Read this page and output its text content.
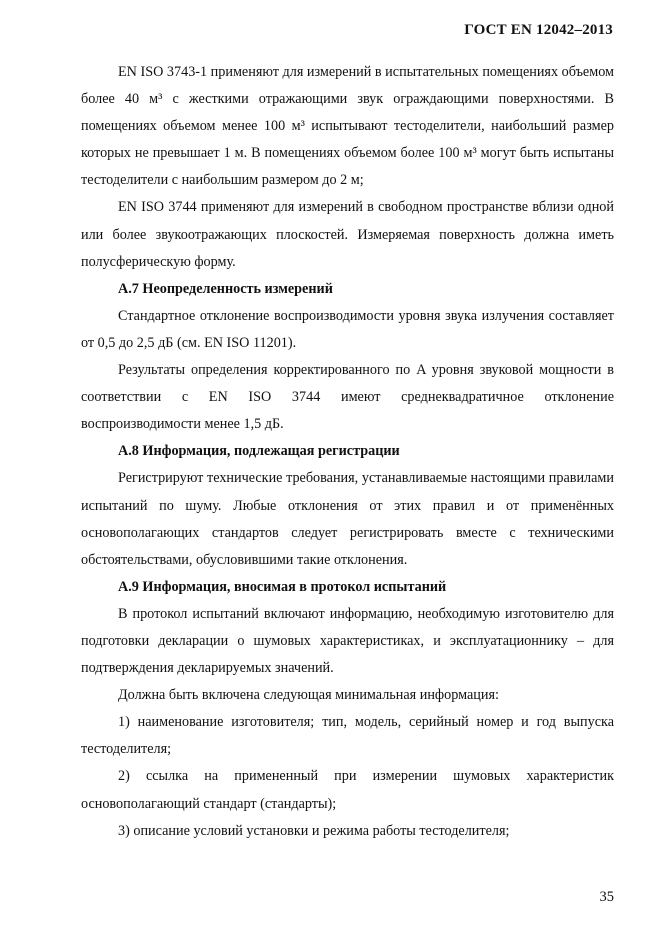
ГОСТ EN 12042–2013

EN ISO 3743-1 применяют для измерений в испытательных помещениях объемом более 40 м³ с жесткими отражающими звук ограждающими поверхностями. В помещениях объемом менее 100 м³ испытывают тестоделители, наибольший размер которых не превышает 1 м. В помещениях объемом более 100 м³ могут быть испытаны тестоделители с наибольшим размером до 2 м;

EN ISO 3744 применяют для измерений в свободном пространстве вблизи одной или более звукоотражающих плоскостей. Измеряемая поверхность должна иметь полусферическую форму.

А.7 Неопределенность измерений

Стандартное отклонение воспроизводимости уровня звука излучения составляет от 0,5 до 2,5 дБ (см. EN ISO 11201).

Результаты определения корректированного по A уровня звуковой мощности в соответствии с EN ISO 3744 имеют среднеквадратичное отклонение воспроизводимости менее 1,5 дБ.

А.8 Информация, подлежащая регистрации

Регистрируют технические требования, устанавливаемые настоящими правилами испытаний по шуму. Любые отклонения от этих правил и от применённых основополагающих стандартов следует регистрировать вместе с техническими обстоятельствами, обусловившими такие отклонения.

А.9 Информация, вносимая в протокол испытаний

В протокол испытаний включают информацию, необходимую изготовителю для подготовки декларации о шумовых характеристиках, и эксплуатационнику – для подтверждения декларируемых значений.

Должна быть включена следующая минимальная информация:

1) наименование изготовителя; тип, модель, серийный номер и год выпуска тестоделителя;

2) ссылка на примененный при измерении шумовых характеристик основополагающий стандарт (стандарты);

3) описание условий установки и режима работы тестоделителя;

35
